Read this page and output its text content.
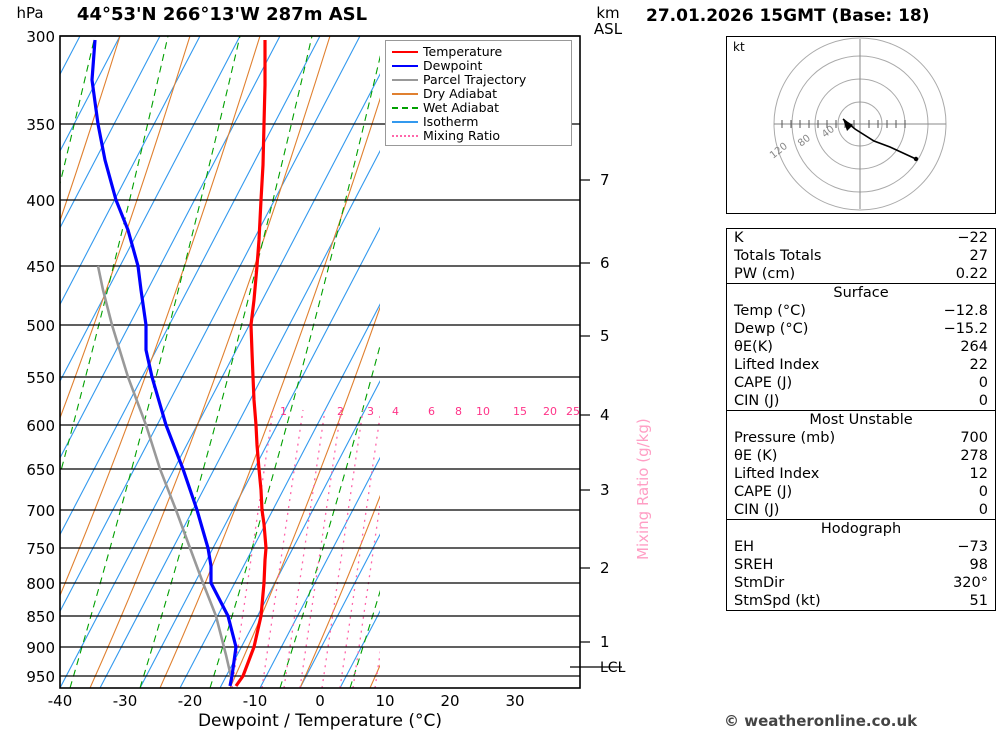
hPa 44°53'N 266°13'W 287m ASL	km
ASL
1	2 3 4	6 8 10 15 20 25
300
350
400
450
500
550
600
650
700
750
800
850
900
950
-40	-30	-20	-10	0	10	20	30
Dewpoint / Temperature (°C)
7
6
5
4
3
2
1
LCL
Mixing Ratio (g/kg)
Temperature
Dewpoint
Parcel Trajectory
Dry Adiabat
Wet Adiabat
Isotherm
Mixing Ratio
27.01.2026 15GMT (Base: 18)
kt
120 80
40
K	−22
Totals Totals	27
PW (cm)	0.22
Surface
Temp (°C)	−12.8
Dewp (°C)	−15.2
θE(K)	264
Lifted Index	22
CAPE (J)	0
CIN (J)	0
Most Unstable
Pressure (mb)	700
θE (K)	278
Lifted Index	12
CAPE (J)	0
CIN (J)	0
Hodograph
EH	−73
SREH	98
StmDir	320°
StmSpd (kt)	51
© weatheronline.co.uk
